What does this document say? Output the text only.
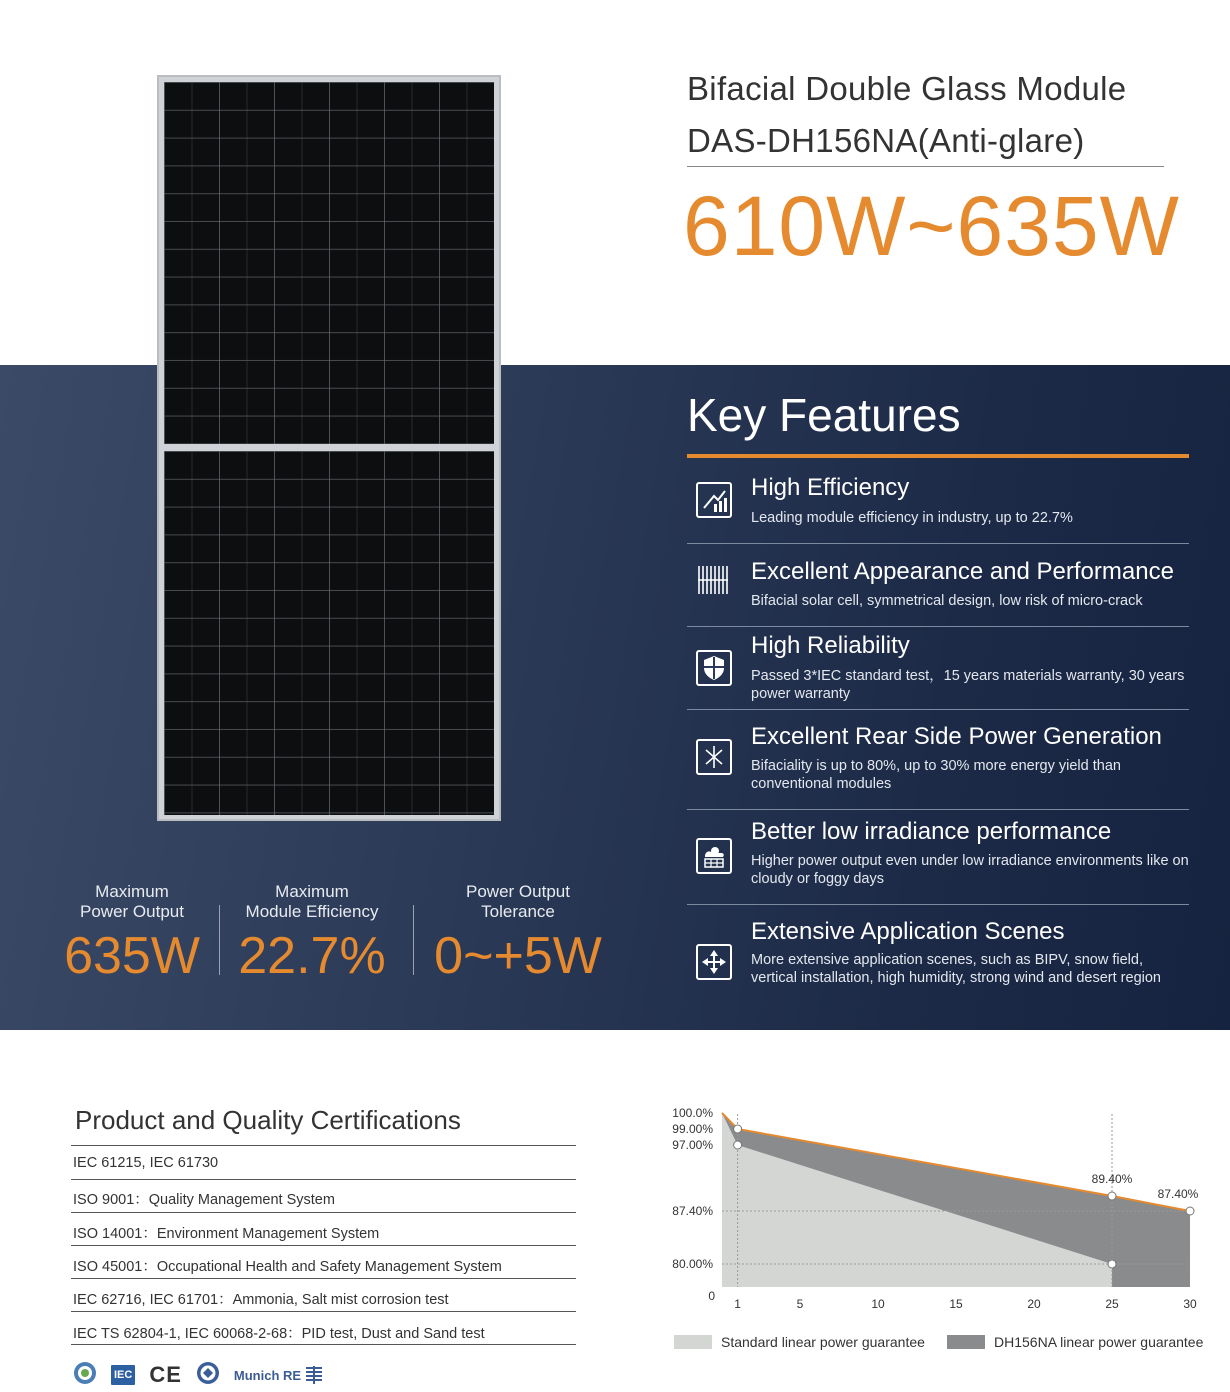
Bifacial Double Glass Module
DAS-DH156NA(Anti-glare)
610W~635W
Maximum
Power Output
635W
Maximum
Module Efficiency
22.7%
Power Output
Tolerance
0~+5W
Key Features
High Efficiency
Leading module efficiency in industry, up to 22.7%
Excellent Appearance and Performance
Bifacial solar cell, symmetrical design, low risk of micro-crack
High Reliability
Passed 3*IEC standard test，15 years materials warranty, 30 years power warranty
Excellent Rear Side Power Generation
Bifaciality is up to 80%, up to 30% more energy yield than conventional modules
Better low irradiance performance
Higher power output even under low irradiance environments like on cloudy or foggy days
Extensive Application Scenes
More extensive application scenes, such as BIPV, snow field, vertical installation, high humidity, strong wind and desert region
Product and Quality Certifications
IEC 61215, IEC 61730
ISO 9001：Quality Management System
ISO 14001：Environment Management System
ISO 45001：Occupational Health and Safety Management System
IEC 62716, IEC 61701：Ammonia, Salt mist corrosion test
IEC TS 62804-1, IEC 60068-2-68：PID test, Dust and Sand test
IEC CE	Munich RE
100.0%
99.00%
97.00%
87.40%
80.00%
0
1	5	10	15	20	25	30
89.40%
87.40%
Standard linear power guarantee	DH156NA linear power guarantee
